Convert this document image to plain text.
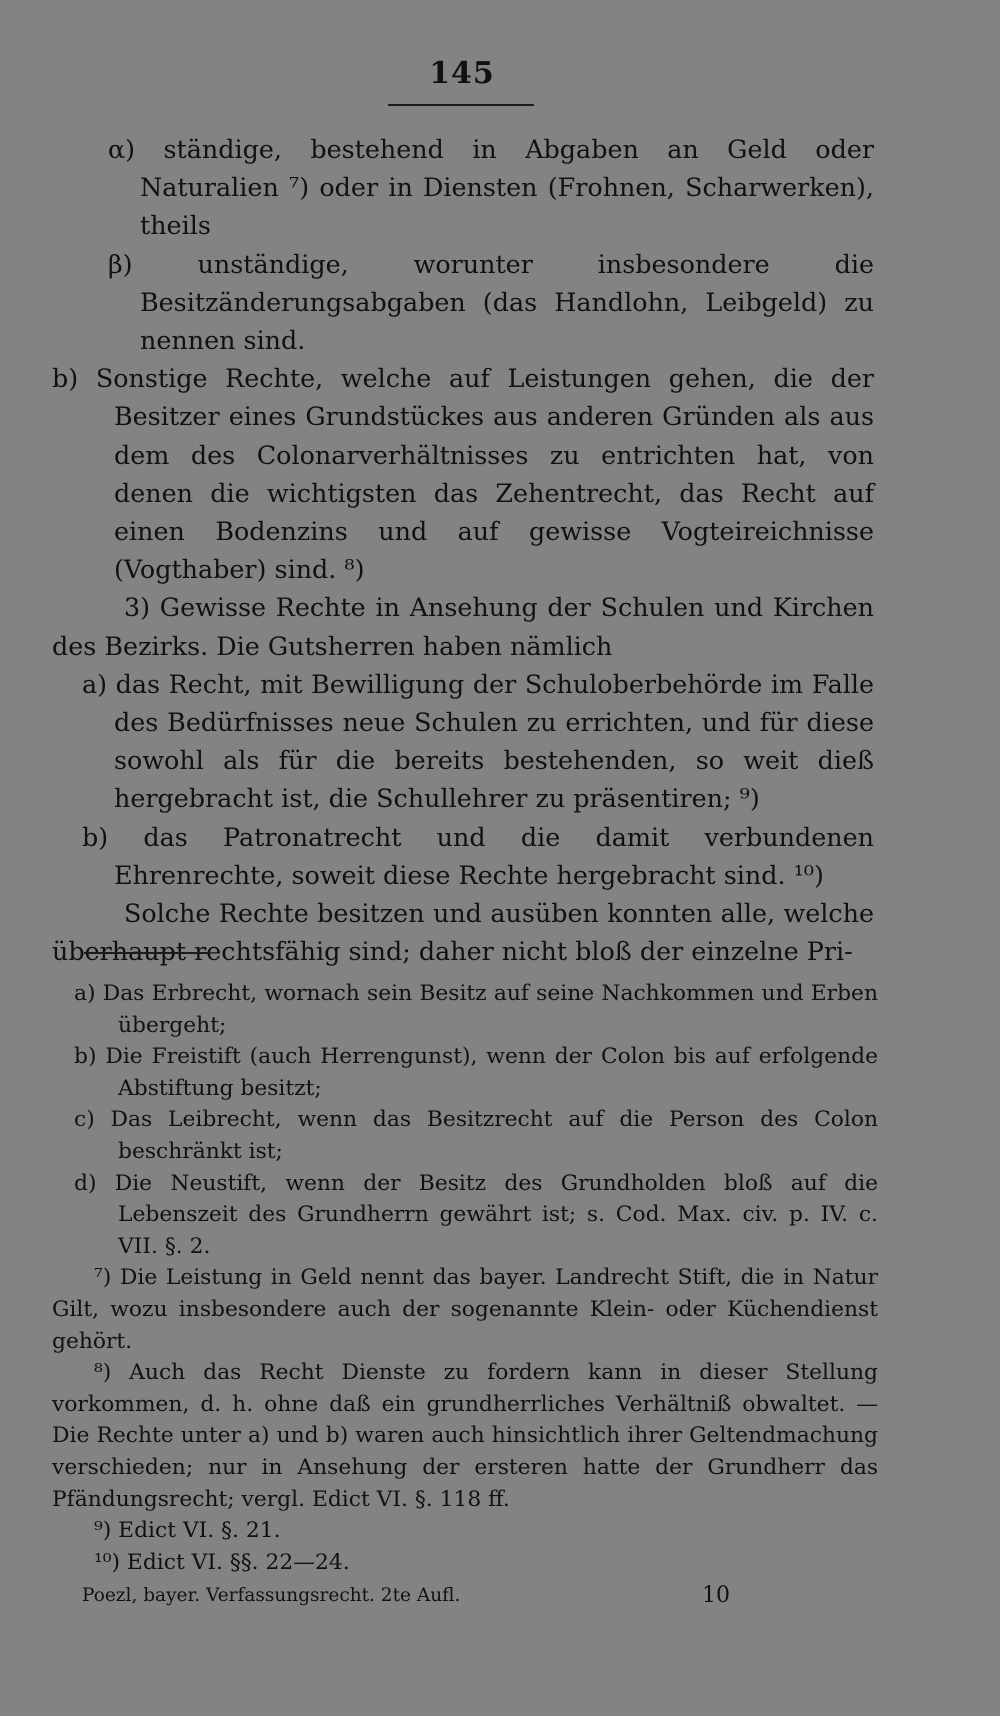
145

α) ständige, bestehend in Abgaben an Geld oder Naturalien ⁷) oder in Diensten (Frohnen, Scharwerken), theils

β) unständige, worunter insbesondere die Besitzänderungsabgaben (das Handlohn, Leibgeld) zu nennen sind.

b) Sonstige Rechte, welche auf Leistungen gehen, die der Besitzer eines Grundstückes aus anderen Gründen als aus dem des Colonarverhältnisses zu entrichten hat, von denen die wichtigsten das Zehentrecht, das Recht auf einen Bodenzins und auf gewisse Vogteireichnisse (Vogthaber) sind. ⁸)

3) Gewisse Rechte in Ansehung der Schulen und Kirchen des Bezirks. Die Gutsherren haben nämlich

a) das Recht, mit Bewilligung der Schuloberbehörde im Falle des Bedürfnisses neue Schulen zu errichten, und für diese sowohl als für die bereits bestehenden, so weit dieß hergebracht ist, die Schullehrer zu präsentiren; ⁹)

b) das Patronatrecht und die damit verbundenen Ehrenrechte, soweit diese Rechte hergebracht sind. ¹⁰)

Solche Rechte besitzen und ausüben konnten alle, welche überhaupt rechtsfähig sind; daher nicht bloß der einzelne Pri-

a) Das Erbrecht, wornach sein Besitz auf seine Nachkommen und Erben übergeht;

b) Die Freistift (auch Herrengunst), wenn der Colon bis auf erfolgende Abstiftung besitzt;

c) Das Leibrecht, wenn das Besitzrecht auf die Person des Colon beschränkt ist;

d) Die Neustift, wenn der Besitz des Grundholden bloß auf die Lebenszeit des Grundherrn gewährt ist; s. Cod. Max. civ. p. IV. c. VII. §. 2.

⁷) Die Leistung in Geld nennt das bayer. Landrecht Stift, die in Natur Gilt, wozu insbesondere auch der sogenannte Klein- oder Küchendienst gehört.

⁸) Auch das Recht Dienste zu fordern kann in dieser Stellung vorkommen, d. h. ohne daß ein grundherrliches Verhältniß obwaltet. — Die Rechte unter a) und b) waren auch hinsichtlich ihrer Geltendmachung verschieden; nur in Ansehung der ersteren hatte der Grundherr das Pfändungsrecht; vergl. Edict VI. §. 118 ff.

⁹) Edict VI. §. 21.

¹⁰) Edict VI. §§. 22—24.

Poezl, bayer. Verfassungsrecht. 2te Aufl.	10
